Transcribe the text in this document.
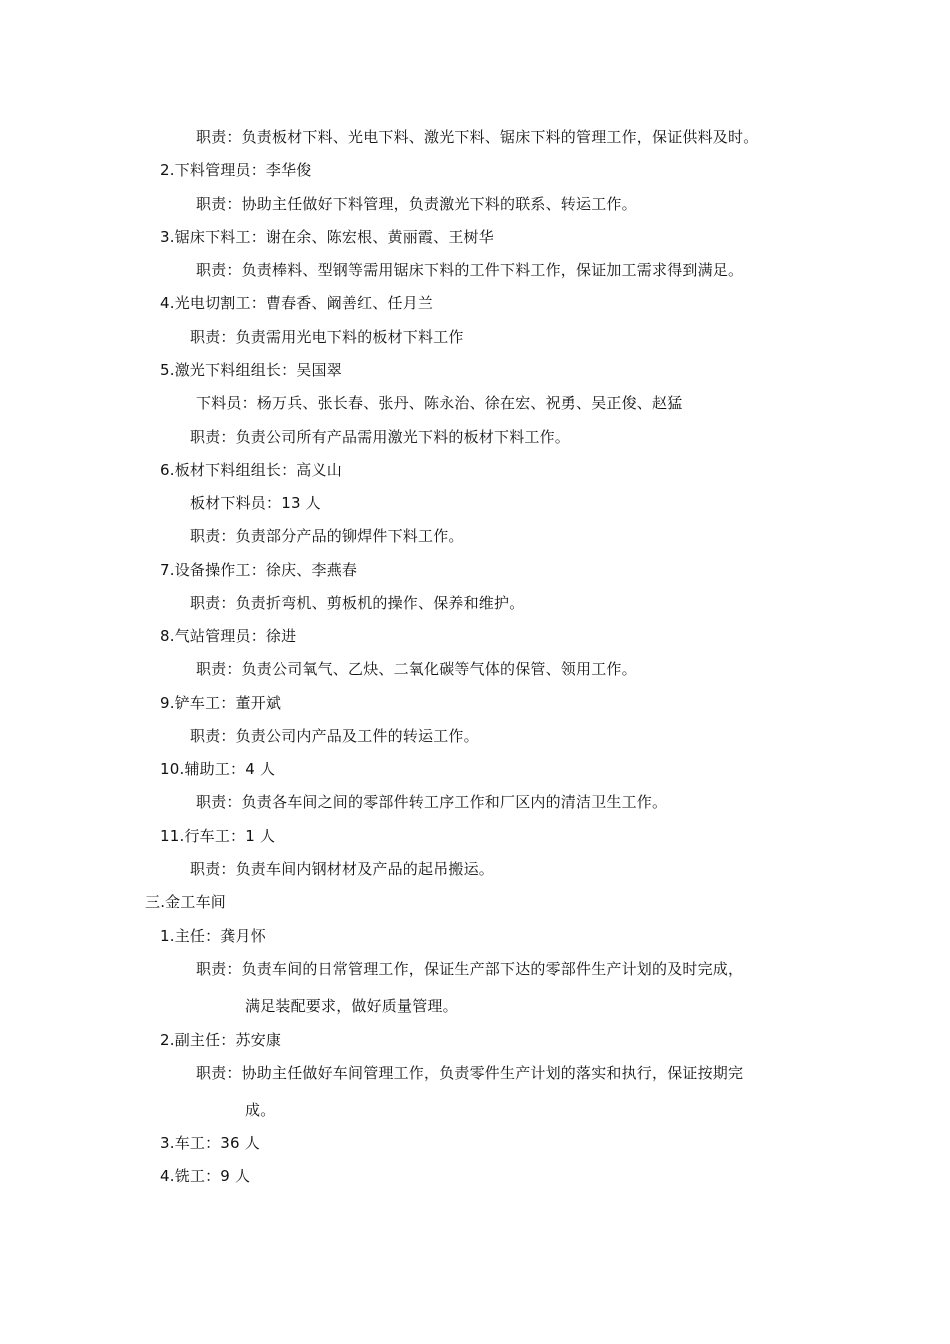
职责：负责板材下料、光电下料、激光下料、锯床下料的管理工作，保证供料及时。
2.下料管理员：李华俊
职责：协助主任做好下料管理，负责激光下料的联系、转运工作。
3.锯床下料工：谢在余、陈宏根、黄丽霞、王树华
职责：负责棒料、型钢等需用锯床下料的工件下料工作，保证加工需求得到满足。
4.光电切割工：曹春香、阚善红、任月兰
职责：负责需用光电下料的板材下料工作
5.激光下料组组长：吴国翠
下料员：杨万兵、张长春、张丹、陈永治、徐在宏、祝勇、吴正俊、赵猛
职责：负责公司所有产品需用激光下料的板材下料工作。
6.板材下料组组长：高义山
板材下料员：13 人
职责：负责部分产品的铆焊件下料工作。
7.设备操作工：徐庆、李燕春
职责：负责折弯机、剪板机的操作、保养和维护。
8.气站管理员：徐进
职责：负责公司氧气、乙炔、二氧化碳等气体的保管、领用工作。
9.铲车工：董开斌
职责：负责公司内产品及工件的转运工作。
10.辅助工：4 人
职责：负责各车间之间的零部件转工序工作和厂区内的清洁卫生工作。
11.行车工：1 人
职责：负责车间内钢材材及产品的起吊搬运。
三.金工车间
1.主任：龚月怀
职责：负责车间的日常管理工作，保证生产部下达的零部件生产计划的及时完成，
满足装配要求，做好质量管理。
2.副主任：苏安康
职责：协助主任做好车间管理工作，负责零件生产计划的落实和执行，保证按期完
成。
3.车工：36 人
4.铣工：9 人
